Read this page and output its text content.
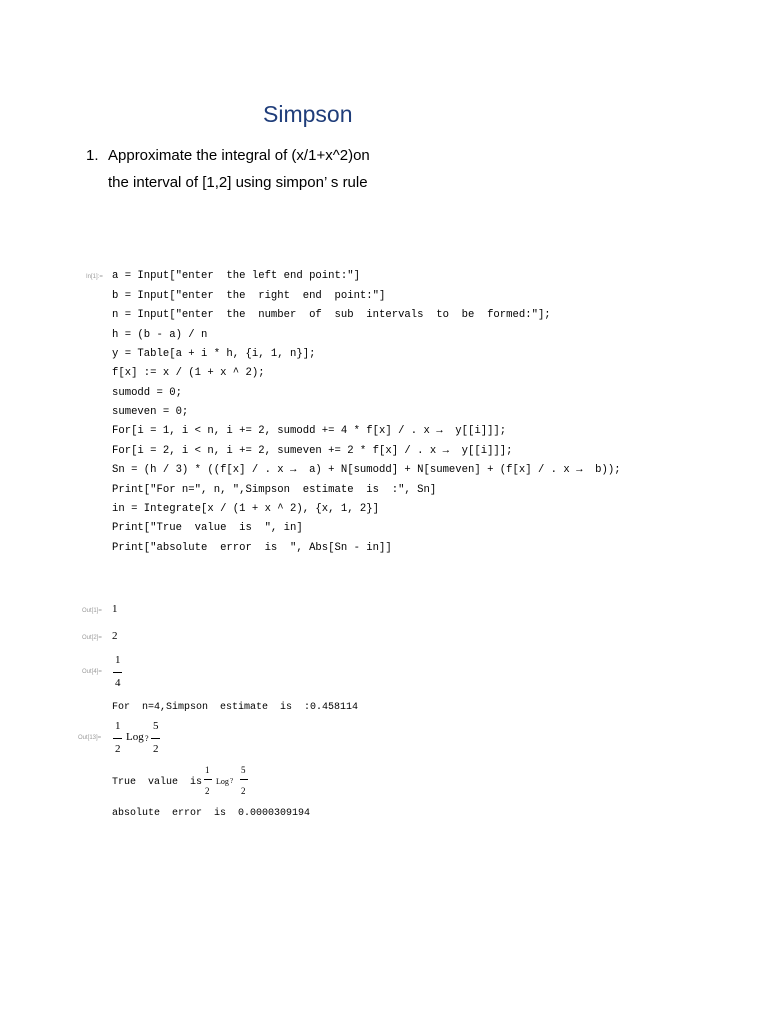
Simpson
1. Approximate the integral of (x/1+x^2)on
the interval of [1,2] using simpon’ s rule
In[1]:= a = Input["enter  the left end point:"]
b = Input["enter  the  right  end  point:"]
n = Input["enter  the  number  of  sub  intervals  to  be  formed:"];
h = (b - a) / n
y = Table[a + i * h, {i, 1, n}];
f[x] := x / (1 + x ^ 2);
sumodd = 0;
sumeven = 0;
For[i = 1, i < n, i += 2, sumodd += 4 * f[x] / . x →  y[[i]]];
For[i = 2, i < n, i += 2, sumeven += 2 * f[x] / . x →  y[[i]]];
Sn = (h / 3) * ((f[x] / . x →  a) + N[sumodd] + N[sumeven] + (f[x] / . x →  b));
Print["For n=", n, ",Simpson  estimate  is  :", Sn]
in = Integrate[x / (1 + x ^ 2), {x, 1, 2}]
Print["True  value  is  ", in]
Print["absolute  error  is  ", Abs[Sn - in]]
Out[1]= 1
Out[2]= 2
Out[4]=
1
4
For  n=4,Simpson  estimate  is  :0.458114
Out[13]=
1
2
Log ?
5
2
True  value  is
1
2
Log ?
5
2
absolute  error  is  0.0000309194
